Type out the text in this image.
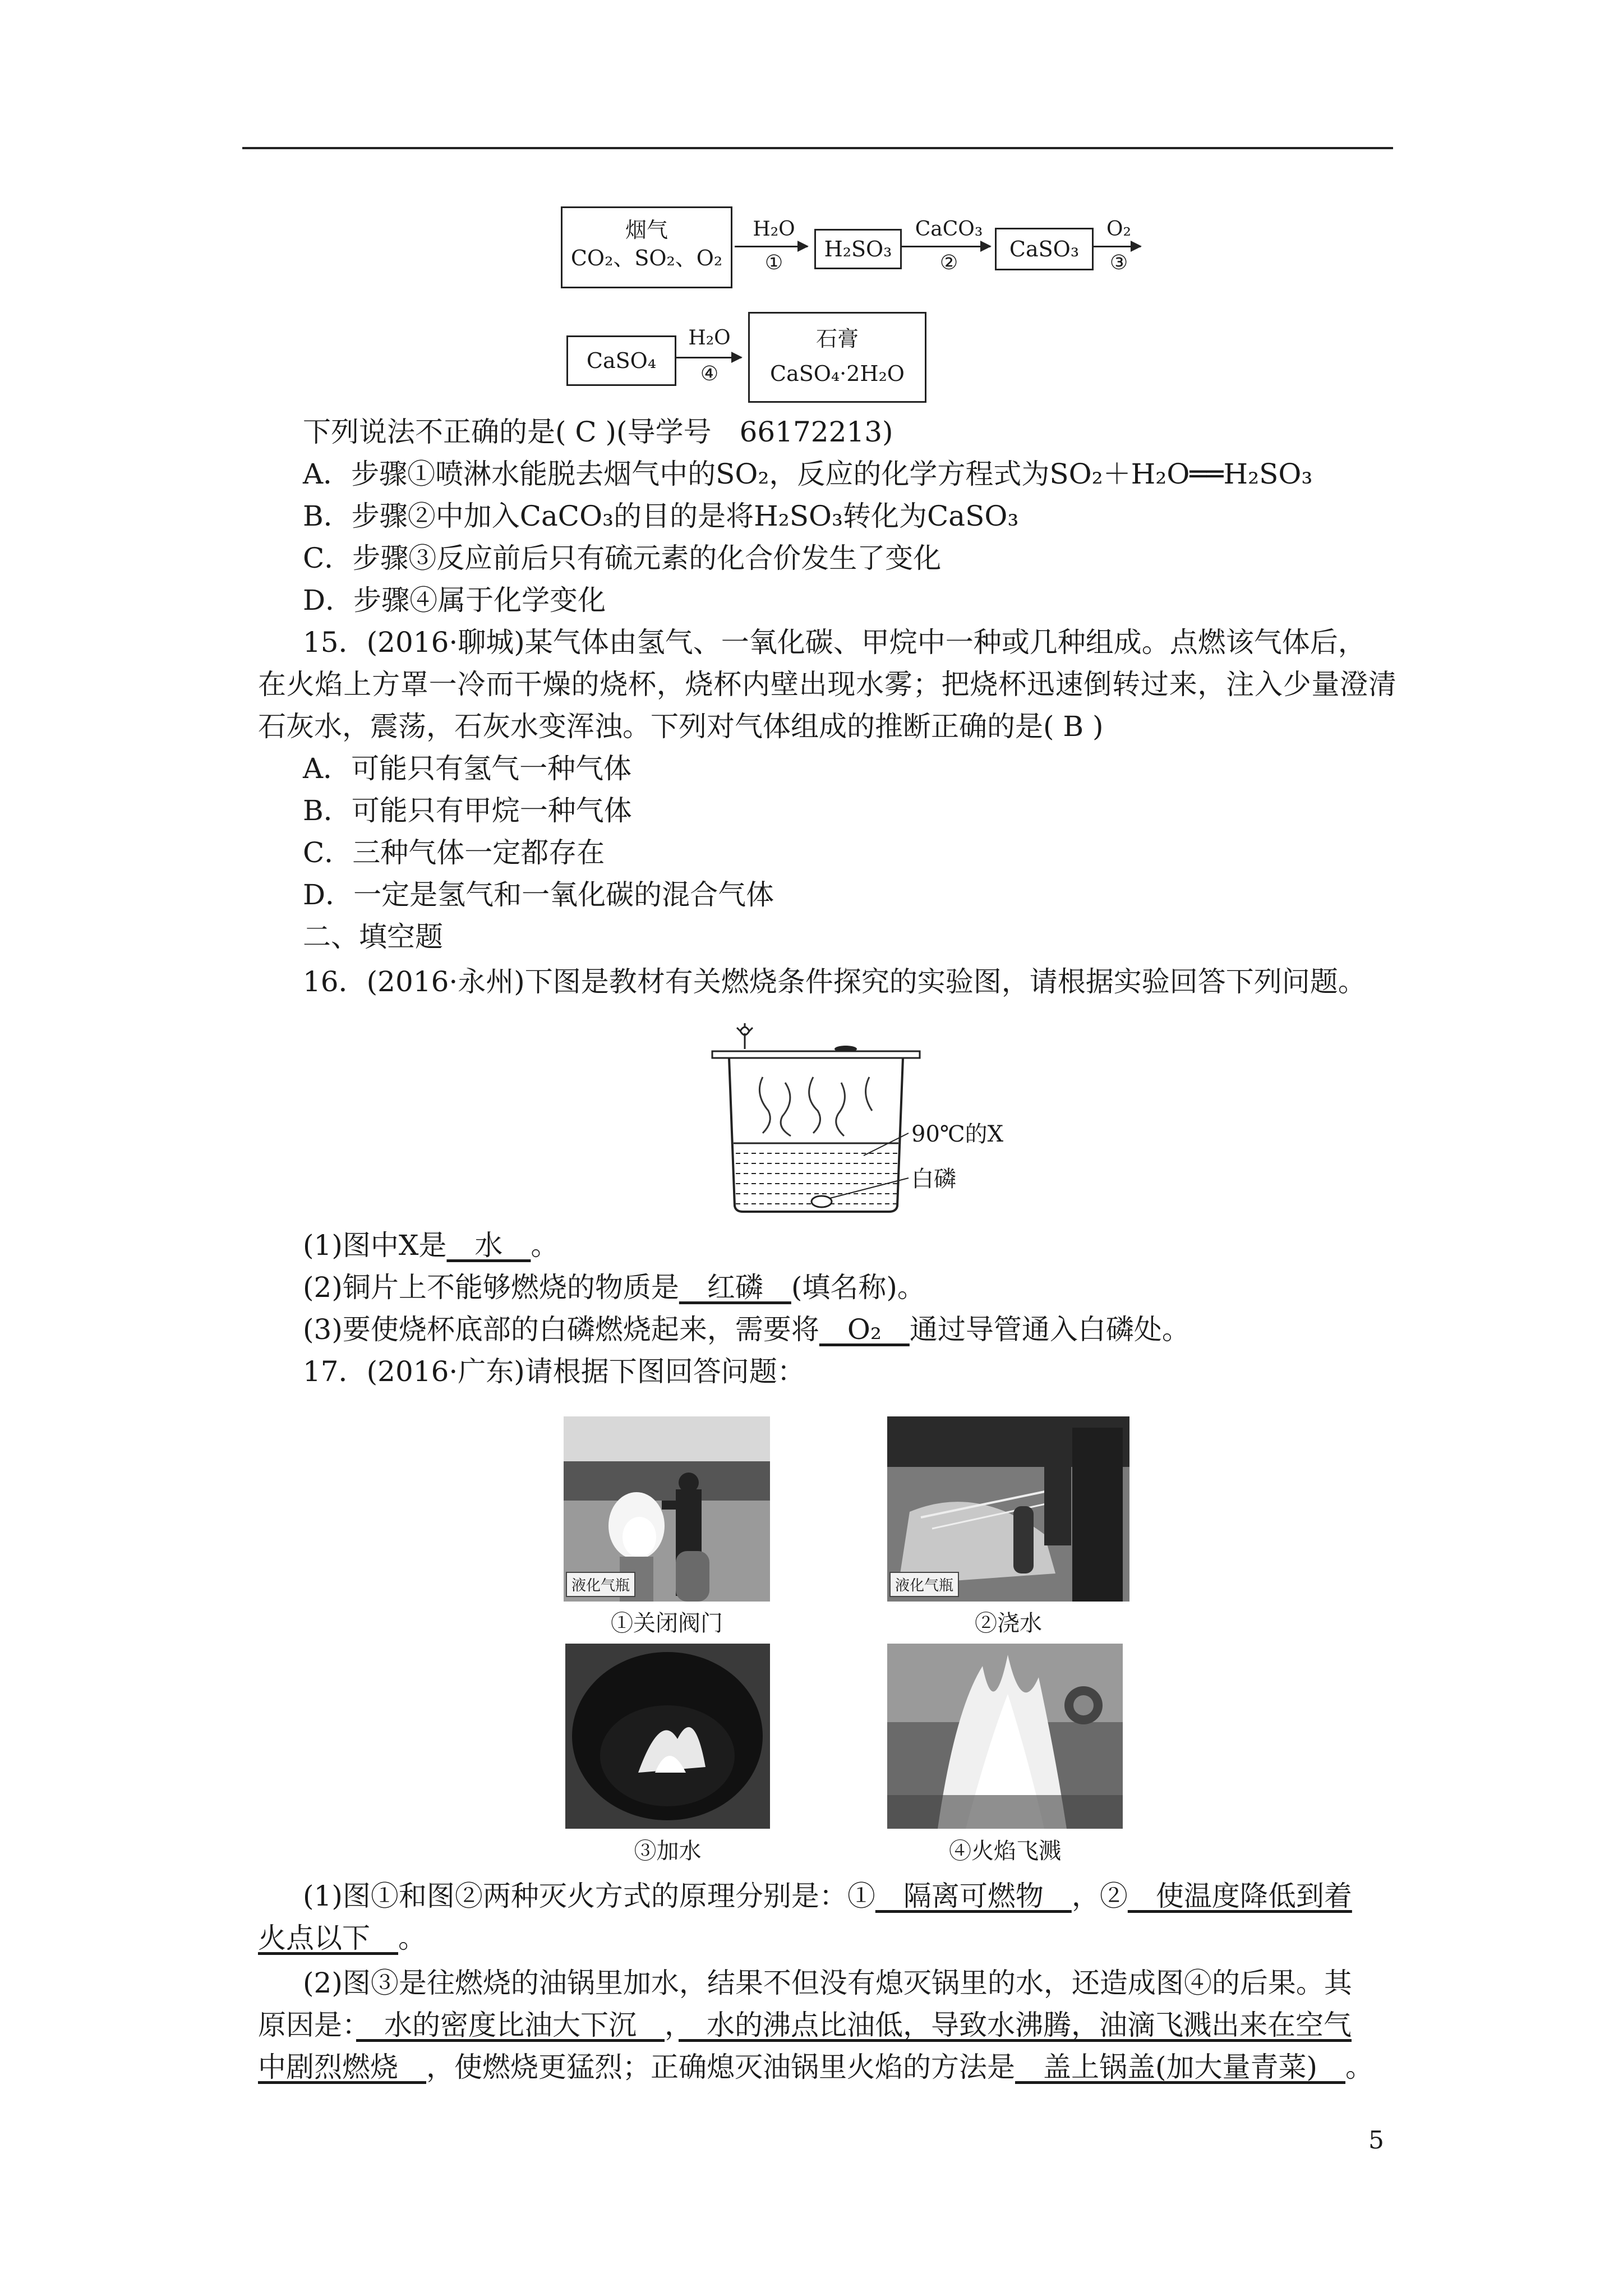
烟气
CO₂、SO₂、O₂
H₂O
①
H₂SO₃
CaCO₃
②
CaSO₃
O₂
③
CaSO₄
H₂O
④
石膏
CaSO₄·2H₂O
下列说法不正确的是( C )(导学号　66172213)
A．步骤①喷淋水能脱去烟气中的SO₂，反应的化学方程式为SO₂＋H₂O══H₂SO₃
B．步骤②中加入CaCO₃的目的是将H₂SO₃转化为CaSO₃
C．步骤③反应前后只有硫元素的化合价发生了变化
D．步骤④属于化学变化
15．(2016·聊城)某气体由氢气、一氧化碳、甲烷中一种或几种组成。点燃该气体后，
在火焰上方罩一冷而干燥的烧杯，烧杯内壁出现水雾；把烧杯迅速倒转过来，注入少量澄清
石灰水，震荡，石灰水变浑浊。下列对气体组成的推断正确的是( B )
A．可能只有氢气一种气体
B．可能只有甲烷一种气体
C．三种气体一定都存在
D．一定是氢气和一氧化碳的混合气体
二、填空题
16．(2016·永州)下图是教材有关燃烧条件探究的实验图，请根据实验回答下列问题。
90℃的X
白磷
(1)图中X是　水　。
(2)铜片上不能够燃烧的物质是　红磷　(填名称)。
(3)要使烧杯底部的白磷燃烧起来，需要将　O₂　通过导管通入白磷处。
17．(2016·广东)请根据下图回答问题：
液化气瓶
①关闭阀门
液化气瓶
②浇水
③加水	④火焰飞溅
(1)图①和图②两种灭火方式的原理分别是：①　隔离可燃物　，②　使温度降低到着
火点以下　。
(2)图③是往燃烧的油锅里加水，结果不但没有熄灭锅里的水，还造成图④的后果。其
原因是：　水的密度比油大下沉　，　水的沸点比油低，导致水沸腾，油滴飞溅出来在空气
中剧烈燃烧　，使燃烧更猛烈；正确熄灭油锅里火焰的方法是　盖上锅盖(加大量青菜)　。
5
